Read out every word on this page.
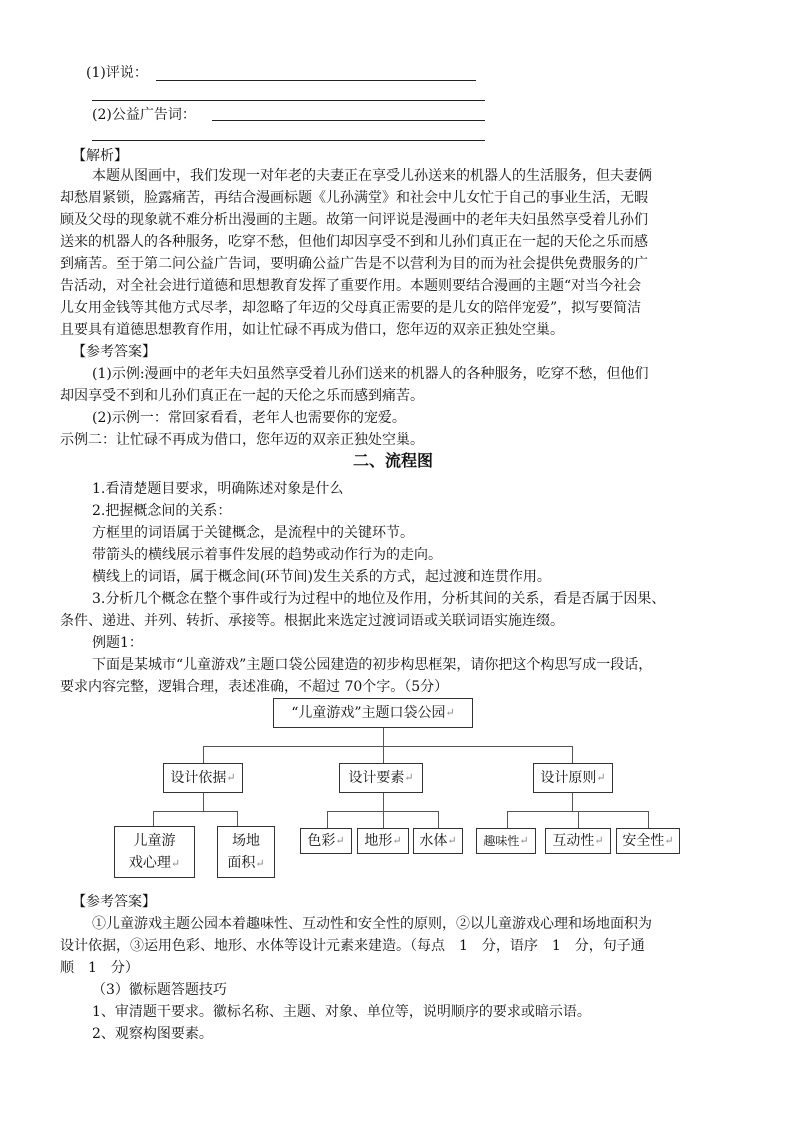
(1)评说：
(2)公益广告词：
【解析】
本题从图画中，我们发现一对年老的夫妻正在享受儿孙送来的机器人的生活服务，但夫妻俩
却愁眉紧锁，脸露痛苦，再结合漫画标题《儿孙满堂》和社会中儿女忙于自己的事业生活，无暇
顾及父母的现象就不难分析出漫画的主题。故第一问评说是漫画中的老年夫妇虽然享受着儿孙们
送来的机器人的各种服务，吃穿不愁，但他们却因享受不到和儿孙们真正在一起的天伦之乐而感
到痛苦。至于第二问公益广告词，要明确公益广告是不以营利为目的而为社会提供免费服务的广
告活动，对全社会进行道德和思想教育发挥了重要作用。本题则要结合漫画的主题“对当今社会
儿女用金钱等其他方式尽孝，却忽略了年迈的父母真正需要的是儿女的陪伴宠爱”，拟写要简洁
且要具有道德思想教育作用，如让忙碌不再成为借口，您年迈的双亲正独处空巢。
【参考答案】
(1)示例:漫画中的老年夫妇虽然享受着儿孙们送来的机器人的各种服务，吃穿不愁，但他们
却因享受不到和儿孙们真正在一起的天伦之乐而感到痛苦。
(2)示例一：常回家看看，老年人也需要你的宠爱。
示例二：让忙碌不再成为借口，您年迈的双亲正独处空巢。
二、流程图
1.看清楚题目要求，明确陈述对象是什么
2.把握概念间的关系：
方框里的词语属于关键概念，是流程中的关键环节。
带箭头的横线展示着事件发展的趋势或动作行为的走向。
横线上的词语，属于概念间(环节间)发生关系的方式，起过渡和连贯作用。
3.分析几个概念在整个事件或行为过程中的地位及作用，分析其间的关系，看是否属于因果、
条件、递进、并列、转折、承接等。根据此来选定过渡词语或关联词语实施连缀。
例题1：
下面是某城市“儿童游戏”主题口袋公园建造的初步构思框架，请你把这个构思写成一段话，
要求内容完整，逻辑合理，表述准确，不超过 70个字。（5分）
“儿童游戏”主题口袋公园 ↵
设计依据 ↵	设计要素 ↵	设计原则 ↵
儿童游
戏心理↵
场地
面积↵
色彩 ↵ 地形 ↵ 水体 ↵ 趣味性 ↵ 互动性 ↵ 安全性 ↵
【参考答案】
①儿童游戏主题公园本着趣味性、互动性和安全性的原则，②以儿童游戏心理和场地面积为
设计依据，③运用色彩、地形、水体等设计元素来建造。（每点　1　分，语序　1　分，句子通
顺　1　分）
（3）徽标题答题技巧
1、审清题干要求。徽标名称、主题、对象、单位等，说明顺序的要求或暗示语。
2、观察构图要素。
